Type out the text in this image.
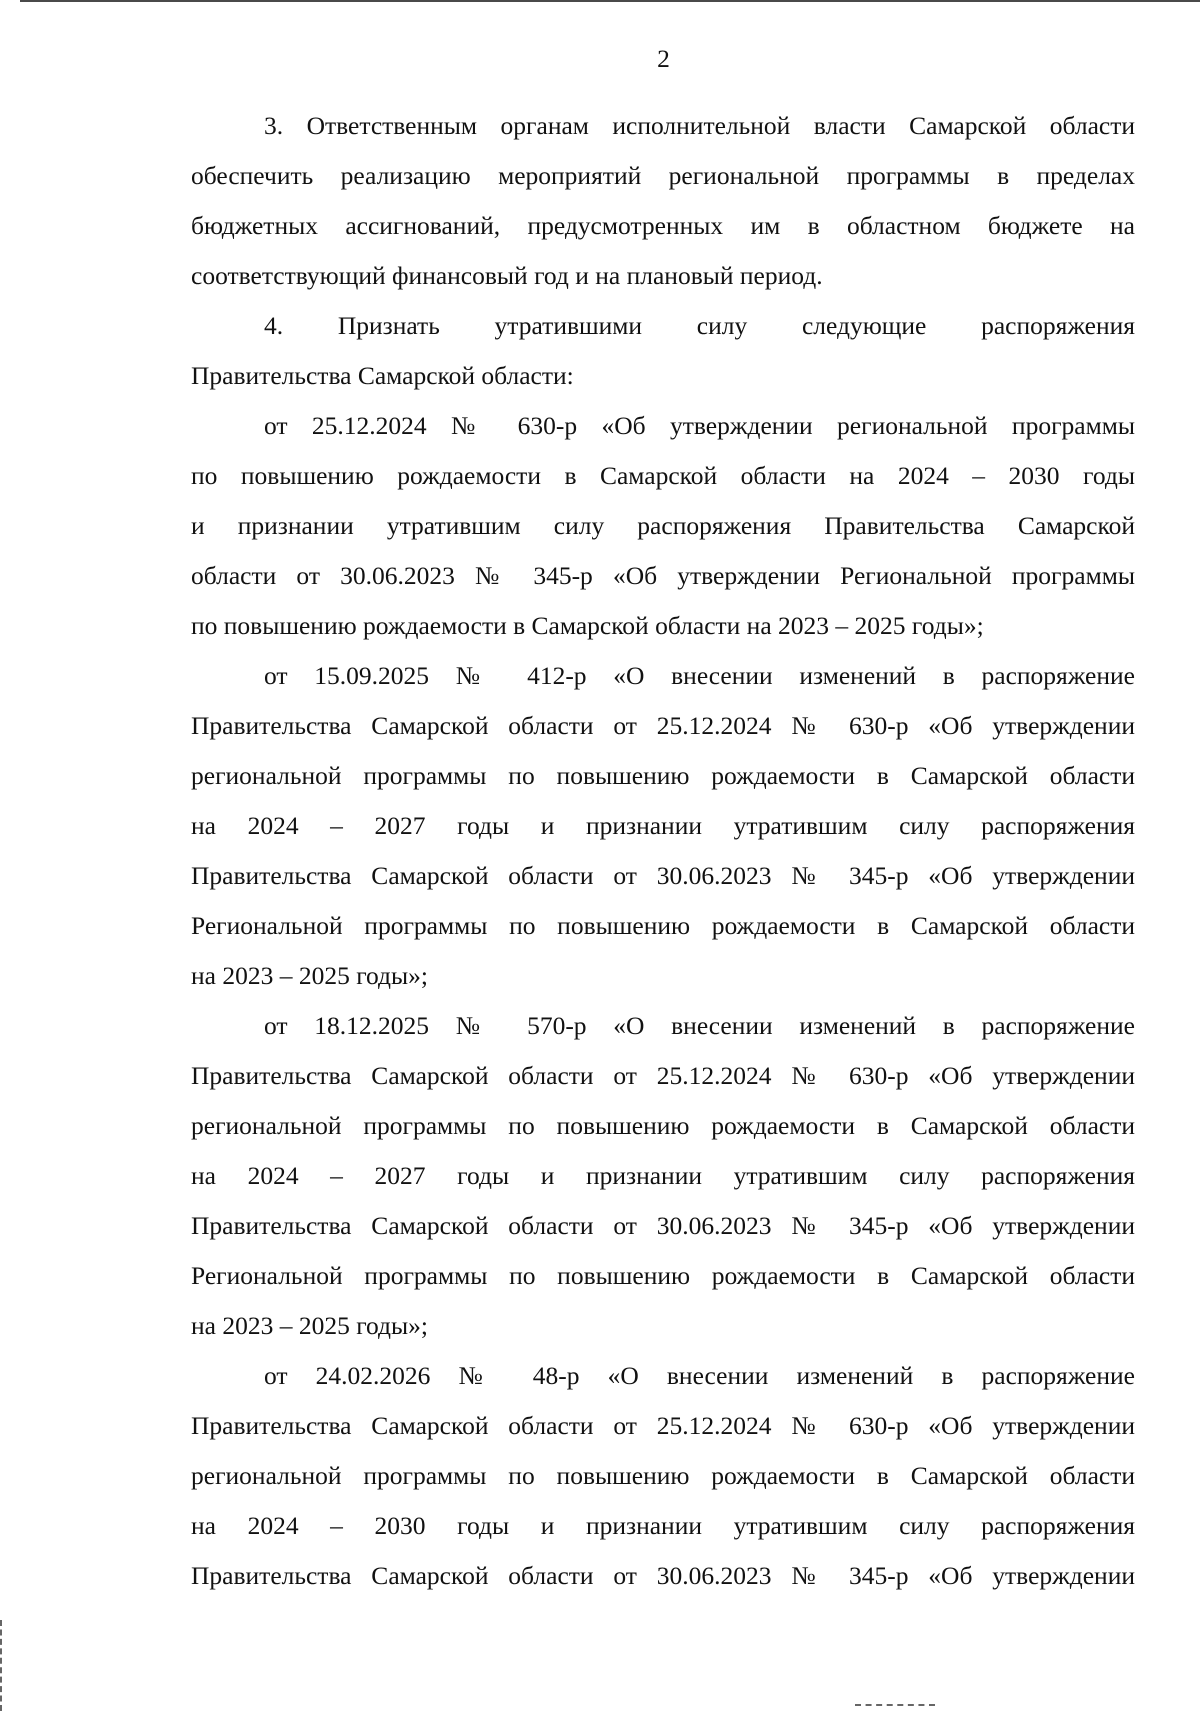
2

3. Ответственным органам исполнительной власти Самарской области
обеспечить реализацию мероприятий региональной программы в пределах
бюджетных ассигнований, предусмотренных им в областном бюджете на
соответствующий финансовый год и на плановый период.
4. Признать утратившими силу следующие распоряжения
Правительства Самарской области:
от 25.12.2024 № 630-р «Об утверждении региональной программы
по повышению рождаемости в Самарской области на 2024 – 2030 годы
и признании утратившим силу распоряжения Правительства Самарской
области от 30.06.2023 № 345-р «Об утверждении Региональной программы
по повышению рождаемости в Самарской области на 2023 – 2025 годы»;
от 15.09.2025 № 412-р «О внесении изменений в распоряжение
Правительства Самарской области от 25.12.2024 № 630-р «Об утверждении
региональной программы по повышению рождаемости в Самарской области
на 2024 – 2027 годы и признании утратившим силу распоряжения
Правительства Самарской области от 30.06.2023 № 345-р «Об утверждении
Региональной программы по повышению рождаемости в Самарской области
на 2023 – 2025 годы»;
от 18.12.2025 № 570-р «О внесении изменений в распоряжение
Правительства Самарской области от 25.12.2024 № 630-р «Об утверждении
региональной программы по повышению рождаемости в Самарской области
на 2024 – 2027 годы и признании утратившим силу распоряжения
Правительства Самарской области от 30.06.2023 № 345-р «Об утверждении
Региональной программы по повышению рождаемости в Самарской области
на 2023 – 2025 годы»;
от 24.02.2026 № 48-р «О внесении изменений в распоряжение
Правительства Самарской области от 25.12.2024 № 630-р «Об утверждении
региональной программы по повышению рождаемости в Самарской области
на 2024 – 2030 годы и признании утратившим силу распоряжения
Правительства Самарской области от 30.06.2023 № 345-р «Об утверждении
